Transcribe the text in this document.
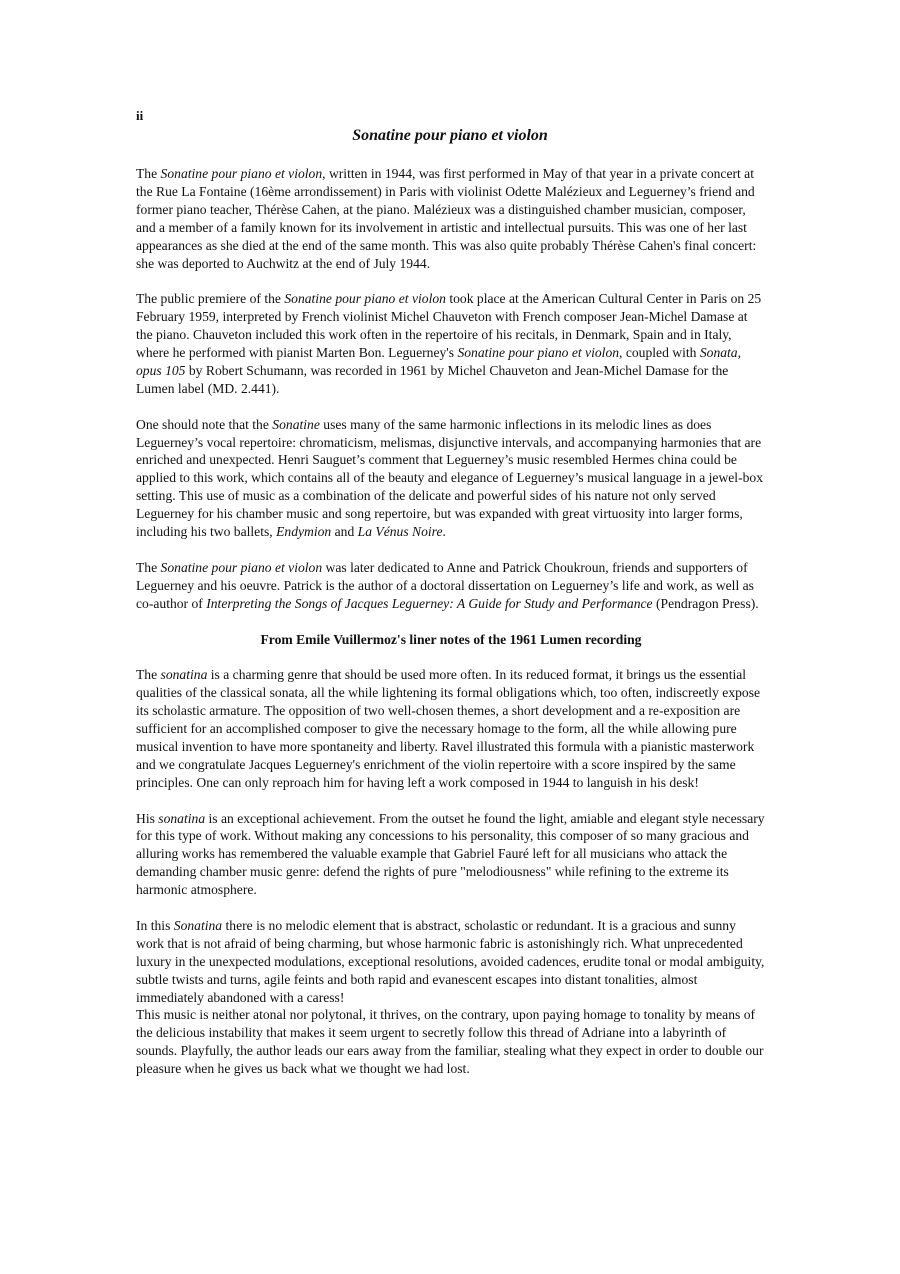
ii
Sonatine pour piano et violon

The Sonatine pour piano et violon, written in 1944, was first performed in May of that year in a private concert at the Rue La Fontaine (16ème arrondissement) in Paris with violinist Odette Malézieux and Leguerney’s friend and former piano teacher, Thérèse Cahen, at the piano. Malézieux was a distinguished chamber musician, composer, and a member of a family known for its involvement in artistic and intellectual pursuits. This was one of her last appearances as she died at the end of the same month. This was also quite probably Thérèse Cahen's final concert: she was deported to Auchwitz at the end of July 1944.

The public premiere of the Sonatine pour piano et violon took place at the American Cultural Center in Paris on 25 February 1959, interpreted by French violinist Michel Chauveton with French composer Jean-Michel Damase at the piano. Chauveton included this work often in the repertoire of his recitals, in Denmark, Spain and in Italy, where he performed with pianist Marten Bon. Leguerney's Sonatine pour piano et violon, coupled with Sonata, opus 105 by Robert Schumann, was recorded in 1961 by Michel Chauveton and Jean-Michel Damase for the Lumen label (MD. 2.441).

One should note that the Sonatine uses many of the same harmonic inflections in its melodic lines as does Leguerney’s vocal repertoire: chromaticism, melismas, disjunctive intervals, and accompanying harmonies that are enriched and unexpected. Henri Sauguet’s comment that Leguerney’s music resembled Hermes china could be applied to this work, which contains all of the beauty and elegance of Leguerney’s musical language in a jewel-box setting. This use of music as a combination of the delicate and powerful sides of his nature not only served Leguerney for his chamber music and song repertoire, but was expanded with great virtuosity into larger forms, including his two ballets, Endymion and La Vénus Noire.

The Sonatine pour piano et violon was later dedicated to Anne and Patrick Choukroun, friends and supporters of Leguerney and his oeuvre. Patrick is the author of a doctoral dissertation on Leguerney’s life and work, as well as co-author of Interpreting the Songs of Jacques Leguerney: A Guide for Study and Performance (Pendragon Press).

From Emile Vuillermoz's liner notes of the 1961 Lumen recording

The sonatina is a charming genre that should be used more often. In its reduced format, it brings us the essential qualities of the classical sonata, all the while lightening its formal obligations which, too often, indiscreetly expose its scholastic armature. The opposition of two well-chosen themes, a short development and a re-exposition are sufficient for an accomplished composer to give the necessary homage to the form, all the while allowing pure musical invention to have more spontaneity and liberty. Ravel illustrated this formula with a pianistic masterwork and we congratulate Jacques Leguerney's enrichment of the violin repertoire with a score inspired by the same principles. One can only reproach him for having left a work composed in 1944 to languish in his desk!

His sonatina is an exceptional achievement. From the outset he found the light, amiable and elegant style necessary for this type of work. Without making any concessions to his personality, this composer of so many gracious and alluring works has remembered the valuable example that Gabriel Fauré left for all musicians who attack the demanding chamber music genre: defend the rights of pure "melodiousness" while refining to the extreme its harmonic atmosphere.

In this Sonatina there is no melodic element that is abstract, scholastic or redundant. It is a gracious and sunny work that is not afraid of being charming, but whose harmonic fabric is astonishingly rich. What unprecedented luxury in the unexpected modulations, exceptional resolutions, avoided cadences, erudite tonal or modal ambiguity, subtle twists and turns, agile feints and both rapid and evanescent escapes into distant tonalities, almost immediately abandoned with a caress!

This music is neither atonal nor polytonal, it thrives, on the contrary, upon paying homage to tonality by means of the delicious instability that makes it seem urgent to secretly follow this thread of Adriane into a labyrinth of sounds. Playfully, the author leads our ears away from the familiar, stealing what they expect in order to double our pleasure when he gives us back what we thought we had lost.
